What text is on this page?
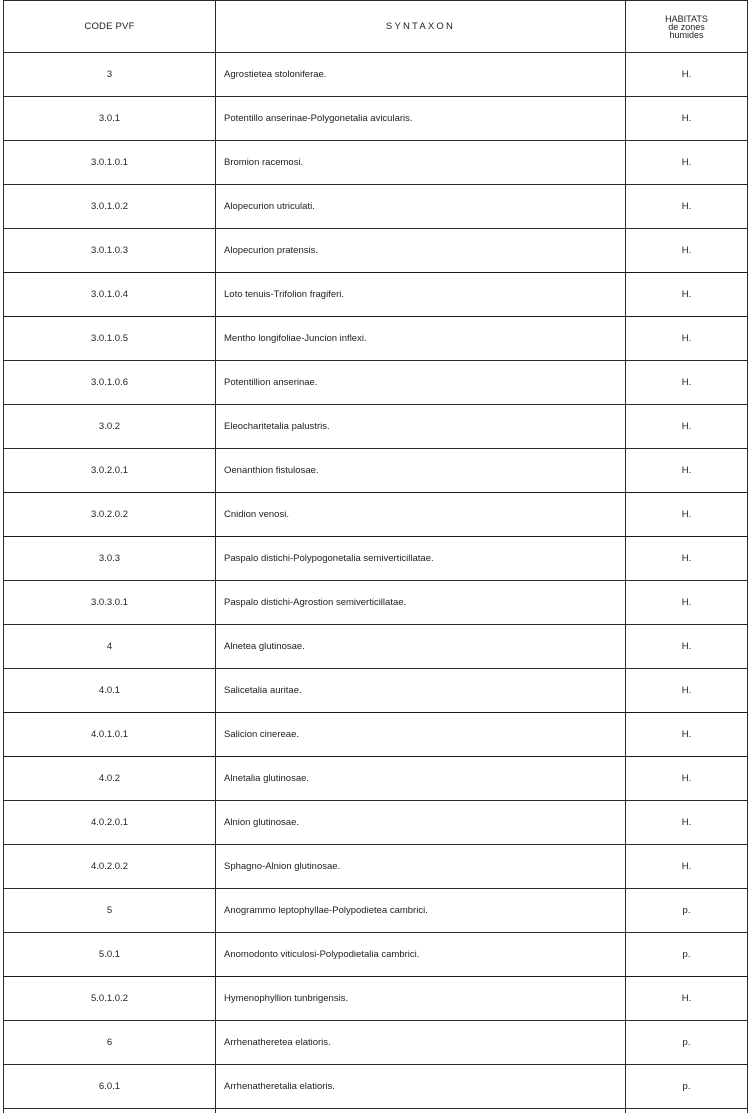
CODE PVF	SYNTAXON	HABITATS
de zones
humides

3	Agrostietea stoloniferae.	H.
3.0.1	Potentillo anserinae-Polygonetalia avicularis.	H.
3.0.1.0.1	Bromion racemosi.	H.
3.0.1.0.2	Alopecurion utriculati.	H.
3.0.1.0.3	Alopecurion pratensis.	H.
3.0.1.0.4	Loto tenuis-Trifolion fragiferi.	H.
3.0.1.0.5	Mentho longifoliae-Juncion inflexi.	H.
3.0.1.0.6	Potentillion anserinae.	H.
3.0.2	Eleocharitetalia palustris.	H.
3.0.2.0.1	Oenanthion fistulosae.	H.
3.0.2.0.2	Cnidion venosi.	H.
3.0.3	Paspalo distichi-Polypogonetalia semiverticillatae.	H.
3.0.3.0.1	Paspalo distichi-Agrostion semiverticillatae.	H.
4	Alnetea glutinosae.	H.
4.0.1	Salicetalia auritae.	H.
4.0.1.0.1	Salicion cinereae.	H.
4.0.2	Alnetalia glutinosae.	H.
4.0.2.0.1	Alnion glutinosae.	H.
4.0.2.0.2	Sphagno-Alnion glutinosae.	H.
5	Anogrammo leptophyllae-Polypodietea cambrici.	p.
5.0.1	Anomodonto viticulosi-Polypodietalia cambrici.	p.
5.0.1.0.2	Hymenophyllion tunbrigensis.	H.
6	Arrhenatheretea elatioris.	p.
6.0.1	Arrhenatheretalia elatioris.	p.
